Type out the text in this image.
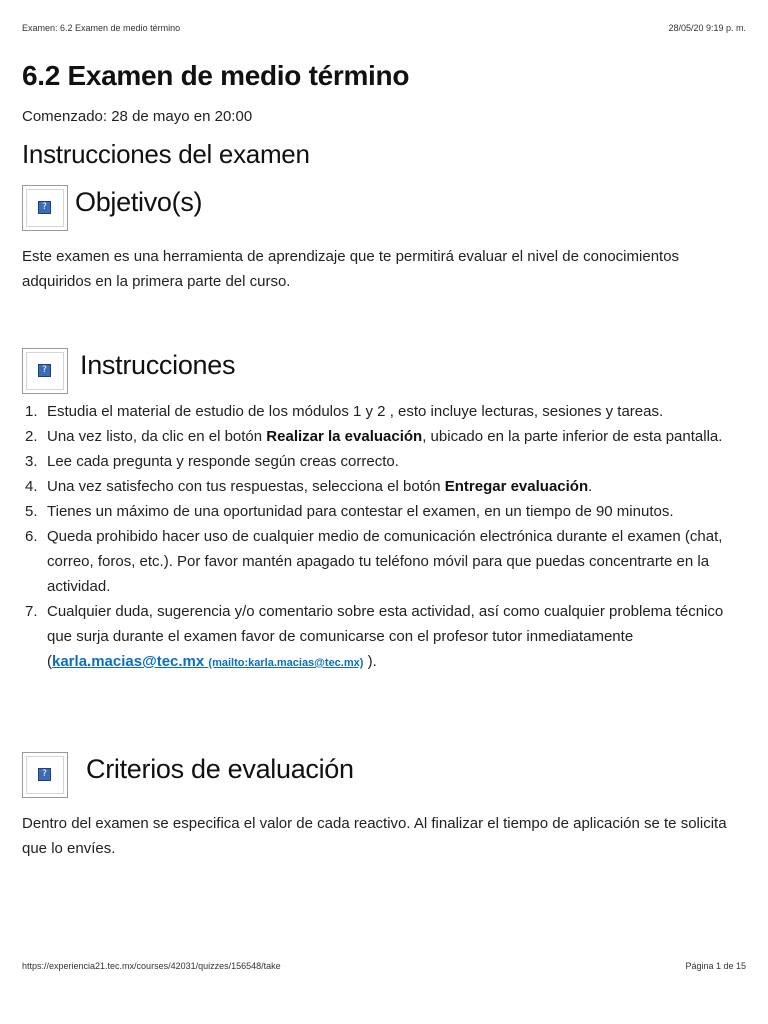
Examen: 6.2 Examen de medio término	28/05/20 9:19 p. m.
6.2 Examen de medio término
Comenzado: 28 de mayo en 20:00
Instrucciones del examen
? Objetivo(s)

Este examen es una herramienta de aprendizaje que te permitirá evaluar el nivel de conocimientos adquiridos en la primera parte del curso.

? Instrucciones
1. Estudia el material de estudio de los módulos 1 y 2 , esto incluye lecturas, sesiones y tareas.
2. Una vez listo, da clic en el botón Realizar la evaluación, ubicado en la parte inferior de esta pantalla.
3. Lee cada pregunta y responde según creas correcto.
4. Una vez satisfecho con tus respuestas, selecciona el botón Entregar evaluación.
5. Tienes un máximo de una oportunidad para contestar el examen, en un tiempo de 90 minutos.
6. Queda prohibido hacer uso de cualquier medio de comunicación electrónica durante el examen (chat, correo, foros, etc.). Por favor mantén apagado tu teléfono móvil para que puedas concentrarte en la actividad.
7. Cualquier duda, sugerencia y/o comentario sobre esta actividad, así como cualquier problema técnico que surja durante el examen favor de comunicarse con el profesor tutor inmediatamente (karla.macias@tec.mx (mailto:karla.macias@tec.mx) ).
? Criterios de evaluación

Dentro del examen se especifica el valor de cada reactivo. Al finalizar el tiempo de aplicación se te solicita que lo envíes.

https://experiencia21.tec.mx/courses/42031/quizzes/156548/take	Página 1 de 15
